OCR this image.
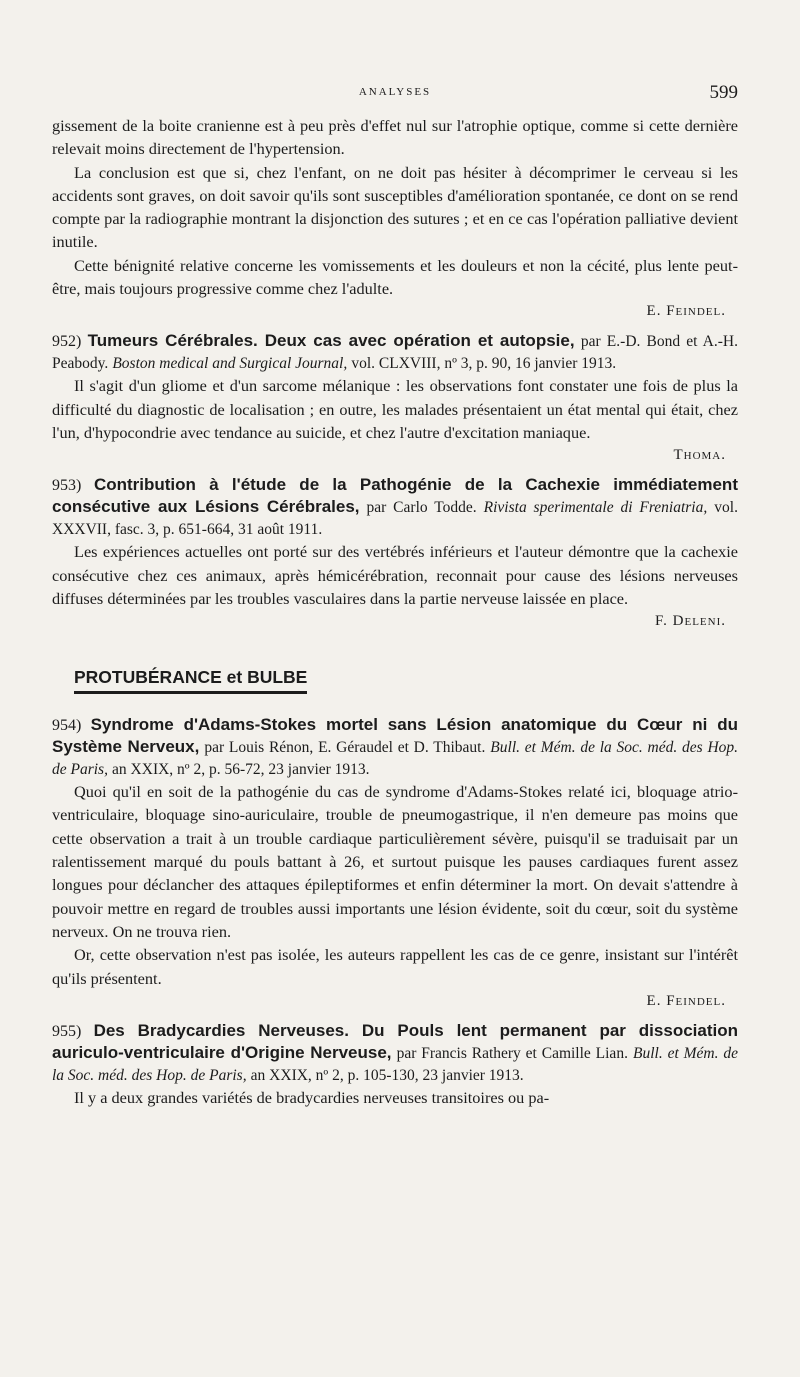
ANALYSES	599

gissement de la boite cranienne est à peu près d'effet nul sur l'atrophie optique, comme si cette dernière relevait moins directement de l'hypertension.

La conclusion est que si, chez l'enfant, on ne doit pas hésiter à décomprimer le cerveau si les accidents sont graves, on doit savoir qu'ils sont susceptibles d'amélioration spontanée, ce dont on se rend compte par la radiographie montrant la disjonction des sutures ; et en ce cas l'opération palliative devient inutile.

Cette bénignité relative concerne les vomissements et les douleurs et non la cécité, plus lente peut-être, mais toujours progressive comme chez l'adulte.

E. Feindel.
952) Tumeurs Cérébrales. Deux cas avec opération et autopsie, par E.-D. Bond et A.-H. Peabody. Boston medical and Surgical Journal, vol. CLXVIII, nº 3, p. 90, 16 janvier 1913.

Il s'agit d'un gliome et d'un sarcome mélanique : les observations font constater une fois de plus la difficulté du diagnostic de localisation ; en outre, les malades présentaient un état mental qui était, chez l'un, d'hypocondrie avec tendance au suicide, et chez l'autre d'excitation maniaque.

Thoma.
953) Contribution à l'étude de la Pathogénie de la Cachexie immédiatement consécutive aux Lésions Cérébrales, par Carlo Todde. Rivista sperimentale di Freniatria, vol. XXXVII, fasc. 3, p. 651-664, 31 août 1911.

Les expériences actuelles ont porté sur des vertébrés inférieurs et l'auteur démontre que la cachexie consécutive chez ces animaux, après hémicérébration, reconnait pour cause des lésions nerveuses diffuses déterminées par les troubles vasculaires dans la partie nerveuse laissée en place.

F. Deleni.
PROTUBÉRANCE et BULBE
954) Syndrome d'Adams-Stokes mortel sans Lésion anatomique du Cœur ni du Système Nerveux, par Louis Rénon, E. Géraudel et D. Thibaut. Bull. et Mém. de la Soc. méd. des Hop. de Paris, an XXIX, nº 2, p. 56-72, 23 janvier 1913.

Quoi qu'il en soit de la pathogénie du cas de syndrome d'Adams-Stokes relaté ici, bloquage atrio-ventriculaire, bloquage sino-auriculaire, trouble de pneumogastrique, il n'en demeure pas moins que cette observation a trait à un trouble cardiaque particulièrement sévère, puisqu'il se traduisait par un ralentissement marqué du pouls battant à 26, et surtout puisque les pauses cardiaques furent assez longues pour déclancher des attaques épileptiformes et enfin déterminer la mort. On devait s'attendre à pouvoir mettre en regard de troubles aussi importants une lésion évidente, soit du cœur, soit du système nerveux. On ne trouva rien.

Or, cette observation n'est pas isolée, les auteurs rappellent les cas de ce genre, insistant sur l'intérêt qu'ils présentent.

E. Feindel.
955) Des Bradycardies Nerveuses. Du Pouls lent permanent par dissociation auriculo-ventriculaire d'Origine Nerveuse, par Francis Rathery et Camille Lian. Bull. et Mém. de la Soc. méd. des Hop. de Paris, an XXIX, nº 2, p. 105-130, 23 janvier 1913.

Il y a deux grandes variétés de bradycardies nerveuses transitoires ou pa-
